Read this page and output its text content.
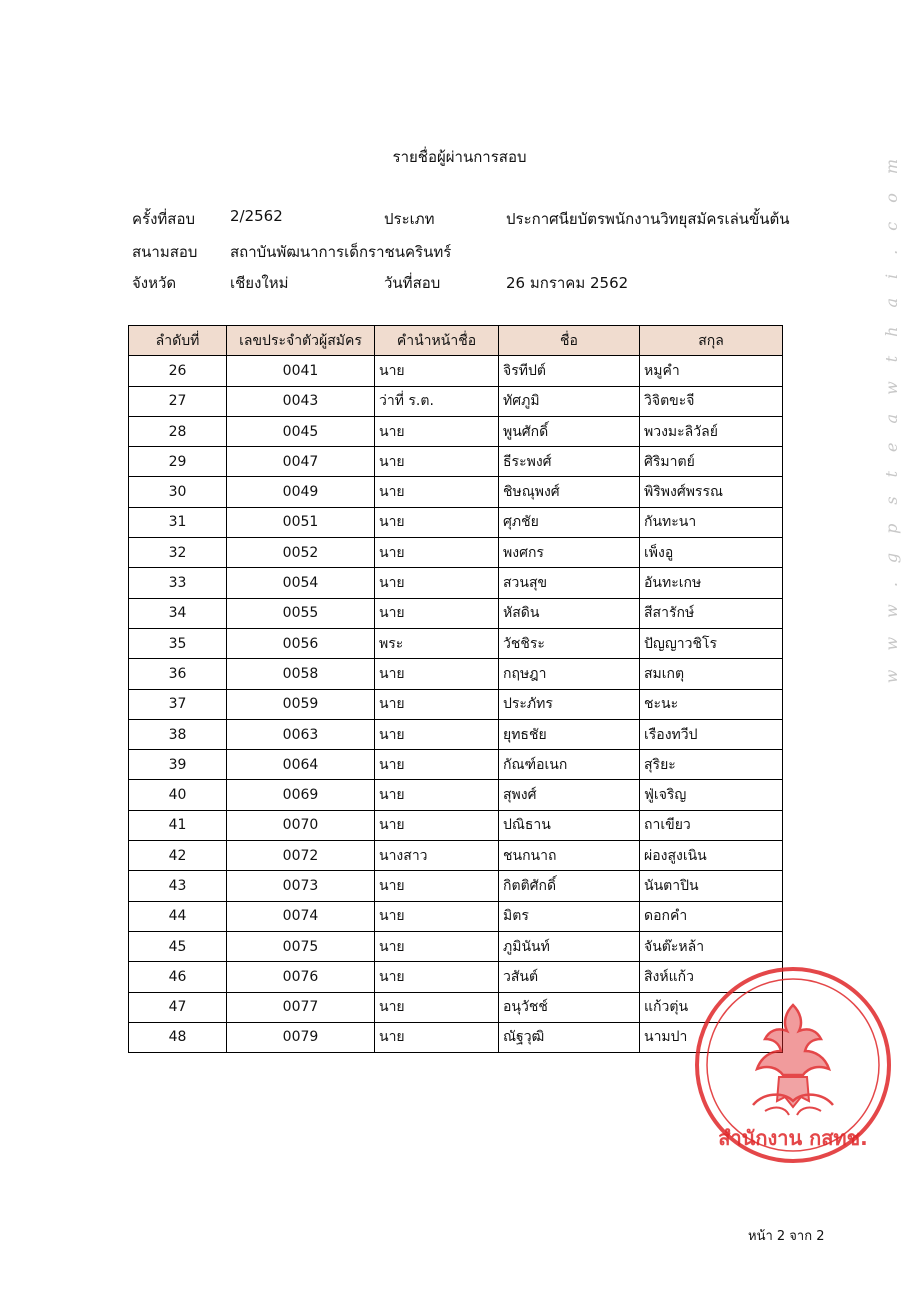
รายชื่อผู้ผ่านการสอบ
ครั้งที่สอบ 2/2562	ประเภท	ประกาศนียบัตรพนักงานวิทยุสมัครเล่นขั้นต้น
สนามสอบ สถาบันพัฒนาการเด็กราชนครินทร์
จังหวัด	เชียงใหม่	วันที่สอบ	26 มกราคม 2562
ลำดับที่	เลขประจำตัวผู้สมัคร	คำนำหน้าชื่อ	ชื่อ	สกุล
26	0041	นาย	จิรทีปต์	หมูคำ
27	0043	ว่าที่ ร.ต.	ทัศภูมิ	วิจิตขะจี
28	0045	นาย	พูนศักดิ์	พวงมะลิวัลย์
29	0047	นาย	ธีระพงศ์	ศิริมาตย์
30	0049	นาย	ชิษณุพงศ์	พิริพงศ์พรรณ
31	0051	นาย	ศุภชัย	กันทะนา
32	0052	นาย	พงศกร	เพ็งอู
33	0054	นาย	สวนสุข	อันทะเกษ
34	0055	นาย	หัสดิน	สีสารักษ์
35	0056	พระ	วัชชิระ	ปัญญาวชิโร
36	0058	นาย	กฤษฎา	สมเกตุ
37	0059	นาย	ประภัทร	ชะนะ
38	0063	นาย	ยุทธชัย	เรืองทวีป
39	0064	นาย	กัณฑ์อเนก	สุริยะ
40	0069	นาย	สุพงศ์	ฟู่เจริญ
41	0070	นาย	ปณิธาน	ถาเขียว
42	0072	นางสาว	ชนกนาถ	ผ่องสูงเนิน
43	0073	นาย	กิตติศักดิ์	นันตาปิน
44	0074	นาย	มิตร	ดอกคำ
45	0075	นาย	ภูมินันท์	จันต๊ะหล้า
46	0076	นาย	วสันต์	สิงห์แก้ว
47	0077	นาย	อนุวัชช์	แก้วตุ่น
48	0079	นาย	ณัฐวุฒิ	นามปา
www.gpsteawthai.com
สำนักงาน กสทช.
หน้า 2 จาก 2
